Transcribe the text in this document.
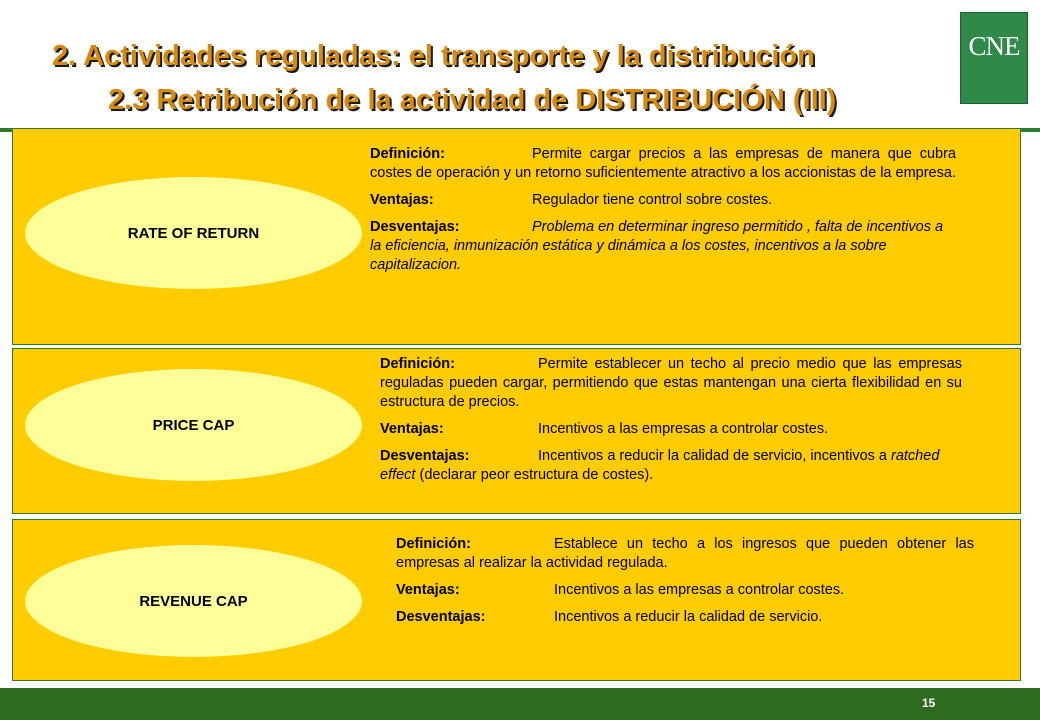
2. Actividades reguladas: el transporte y la distribución
2.3 Retribución de la actividad de DISTRIBUCIÓN (III)
CNE
RATE OF RETURN

Definición:	Permite cargar precios a las empresas de manera que cubra costes de operación y un retorno suficientemente atractivo a los accionistas de la empresa.

Ventajas:	Regulador tiene control sobre costes.

Desventajas:	Problema en determinar ingreso permitido , falta de incentivos a la eficiencia, inmunización estática y dinámica a los costes, incentivos a la sobre capitalizacion.

PRICE CAP

Definición:	Permite establecer un techo al precio medio que las empresas reguladas pueden cargar, permitiendo que estas mantengan una cierta flexibilidad en su estructura de precios.

Ventajas:	Incentivos a las empresas a controlar costes.

Desventajas:	Incentivos a reducir la calidad de servicio, incentivos a ratched effect (declarar peor estructura de costes).

REVENUE CAP

Definición:	Establece un techo a los ingresos que pueden obtener las empresas al realizar la actividad regulada.

Ventajas:	Incentivos a las empresas a controlar costes.

Desventajas:	Incentivos a reducir la calidad de servicio.

15
